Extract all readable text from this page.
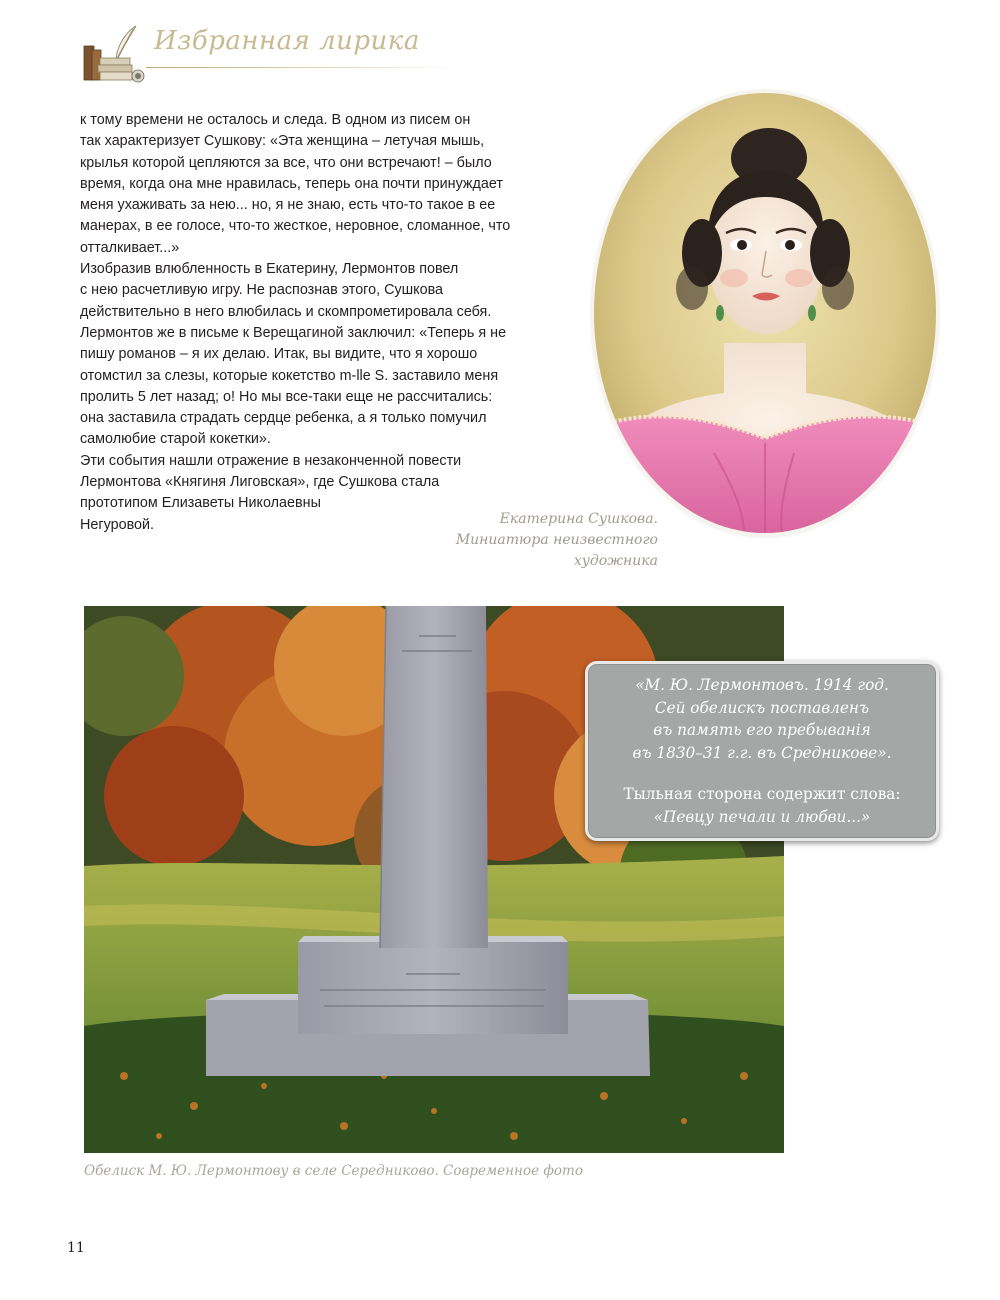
Избранная лирика
к тому времени не осталось и следа. В одном из писем он
так характеризует Сушкову: «Эта женщина – летучая мышь,
крылья которой цепляются за все, что они встречают! – было
время, когда она мне нравилась, теперь она почти принуждает
меня ухаживать за нею... но, я не знаю, есть что-то такое в ее
манерах, в ее голосе, что-то жесткое, неровное, сломанное, что
отталкивает...»
Изобразив влюбленность в Екатерину, Лермонтов повел
с нею расчетливую игру. Не распознав этого, Сушкова
действительно в него влюбилась и скомпрометировала себя.
Лермонтов же в письме к Верещагиной заключил: «Теперь я не
пишу романов – я их делаю. Итак, вы видите, что я хорошо
отомстил за слезы, которые кокетство m-lle S. заставило меня
пролить 5 лет назад; о! Но мы все-таки еще не рассчитались:
она заставила страдать сердце ребенка, а я только помучил
самолюбие старой кокетки».
Эти события нашли отражение в незаконченной повести
Лермонтова «Княгиня Лиговская», где Сушкова стала
прототипом Елизаветы Николаевны
Негуровой.	Екатерина Сушкова.
Миниатюра неизвестного
художника
«М. Ю. Лермонтовъ. 1914 год.
Сей обелискъ поставленъ
въ память его пребыванiя
въ 1830–31 г.г. въ Средникове».
Тыльная сторона содержит слова:
«Певцу печали и любви...»
Обелиск М. Ю. Лермонтову в селе Середниково. Современное фото
11
